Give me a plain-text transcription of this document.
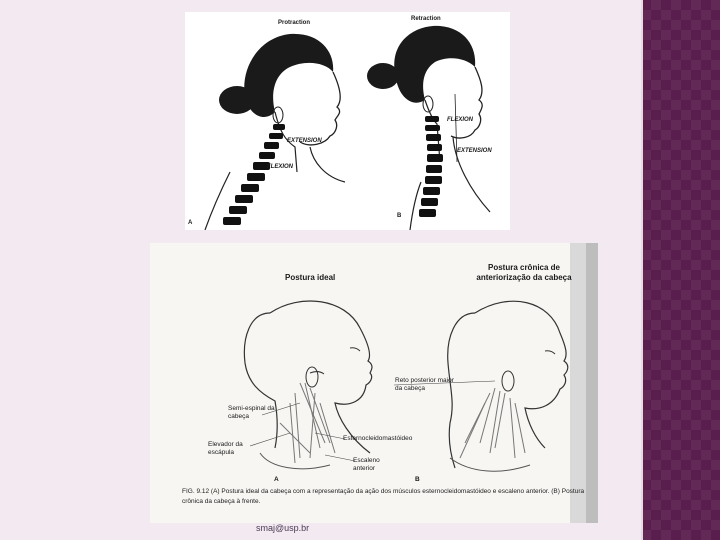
Protraction
Retraction
EXTENSION
FLEXION
FLEXION
EXTENSION
A
B
Postura ideal
Postura crônica de anteriorização da cabeça
Semi-espinal da cabeça
Elevador da escápula
Reto posterior maior da cabeça
Esternocleidomastóideo
Escaleno anterior
A	B
FIG. 9.12 (A) Postura ideal da cabeça com a representação da ação dos músculos esternocleidomastóideo e escaleno anterior. (B) Postura crônica da cabeça à frente.
smaj@usp.br
